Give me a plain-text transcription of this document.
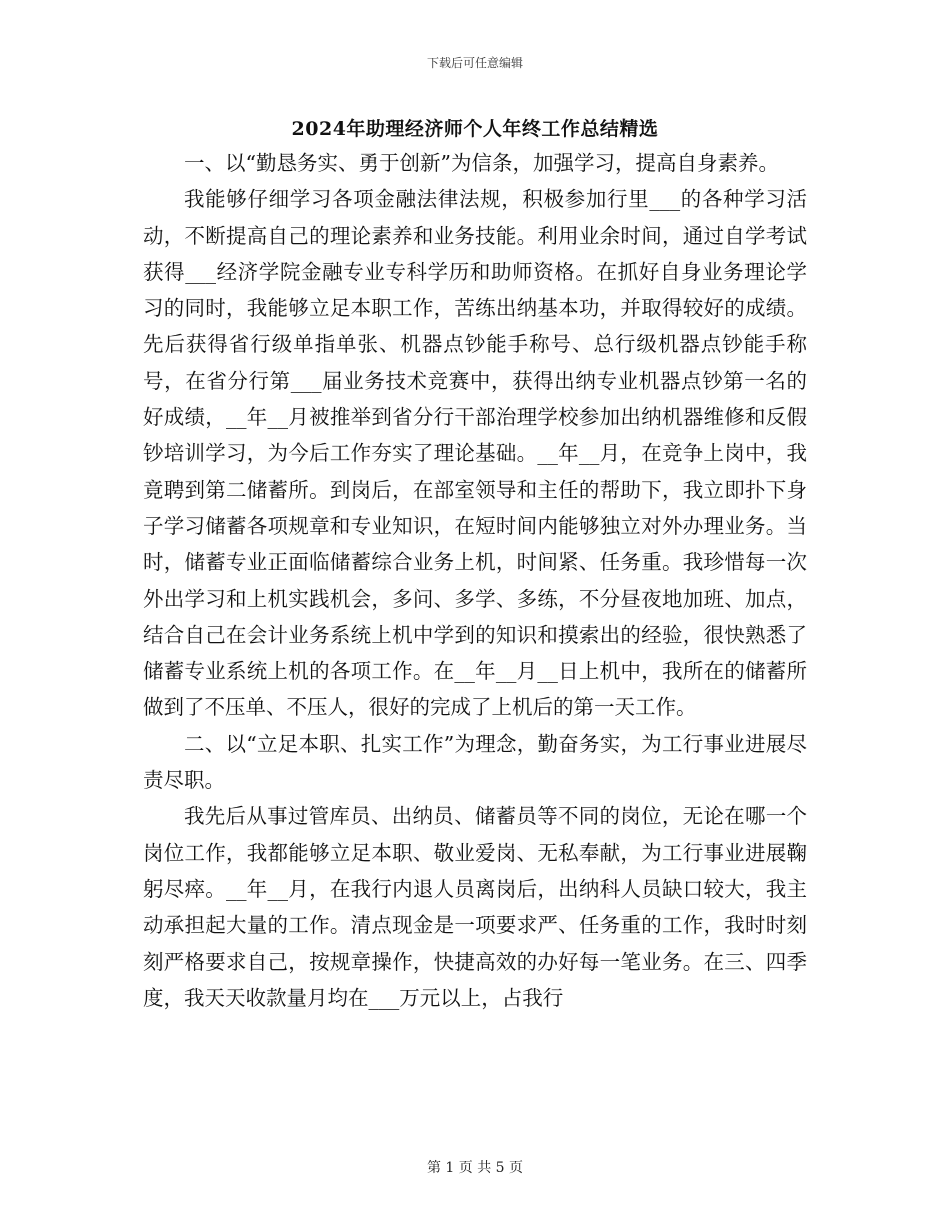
下载后可任意编辑
2024年助理经济师个人年终工作总结精选

一、以“勤恳务实、勇于创新”为信条，加强学习，提高自身素养。

我能够仔细学习各项金融法律法规，积极参加行里___的各种学习活动，不断提高自己的理论素养和业务技能。利用业余时间，通过自学考试获得___经济学院金融专业专科学历和助师资格。在抓好自身业务理论学习的同时，我能够立足本职工作，苦练出纳基本功，并取得较好的成绩。先后获得省行级单指单张、机器点钞能手称号、总行级机器点钞能手称号，在省分行第___届业务技术竞赛中，获得出纳专业机器点钞第一名的好成绩，__年__月被推举到省分行干部治理学校参加出纳机器维修和反假钞培训学习，为今后工作夯实了理论基础。__年__月，在竞争上岗中，我竟聘到第二储蓄所。到岗后，在部室领导和主任的帮助下，我立即扑下身子学习储蓄各项规章和专业知识，在短时间内能够独立对外办理业务。当时，储蓄专业正面临储蓄综合业务上机，时间紧、任务重。我珍惜每一次外出学习和上机实践机会，多问、多学、多练，不分昼夜地加班、加点，结合自己在会计业务系统上机中学到的知识和摸索出的经验，很快熟悉了储蓄专业系统上机的各项工作。在__年__月__日上机中，我所在的储蓄所做到了不压单、不压人，很好的完成了上机后的第一天工作。

二、以“立足本职、扎实工作”为理念，勤奋务实，为工行事业进展尽责尽职。

我先后从事过管库员、出纳员、储蓄员等不同的岗位，无论在哪一个岗位工作，我都能够立足本职、敬业爱岗、无私奉献，为工行事业进展鞠躬尽瘁。__年__月，在我行内退人员离岗后，出纳科人员缺口较大，我主动承担起大量的工作。清点现金是一项要求严、任务重的工作，我时时刻刻严格要求自己，按规章操作，快捷高效的办好每一笔业务。在三、四季度，我天天收款量月均在___万元以上，占我行

第 1 页 共 5 页
